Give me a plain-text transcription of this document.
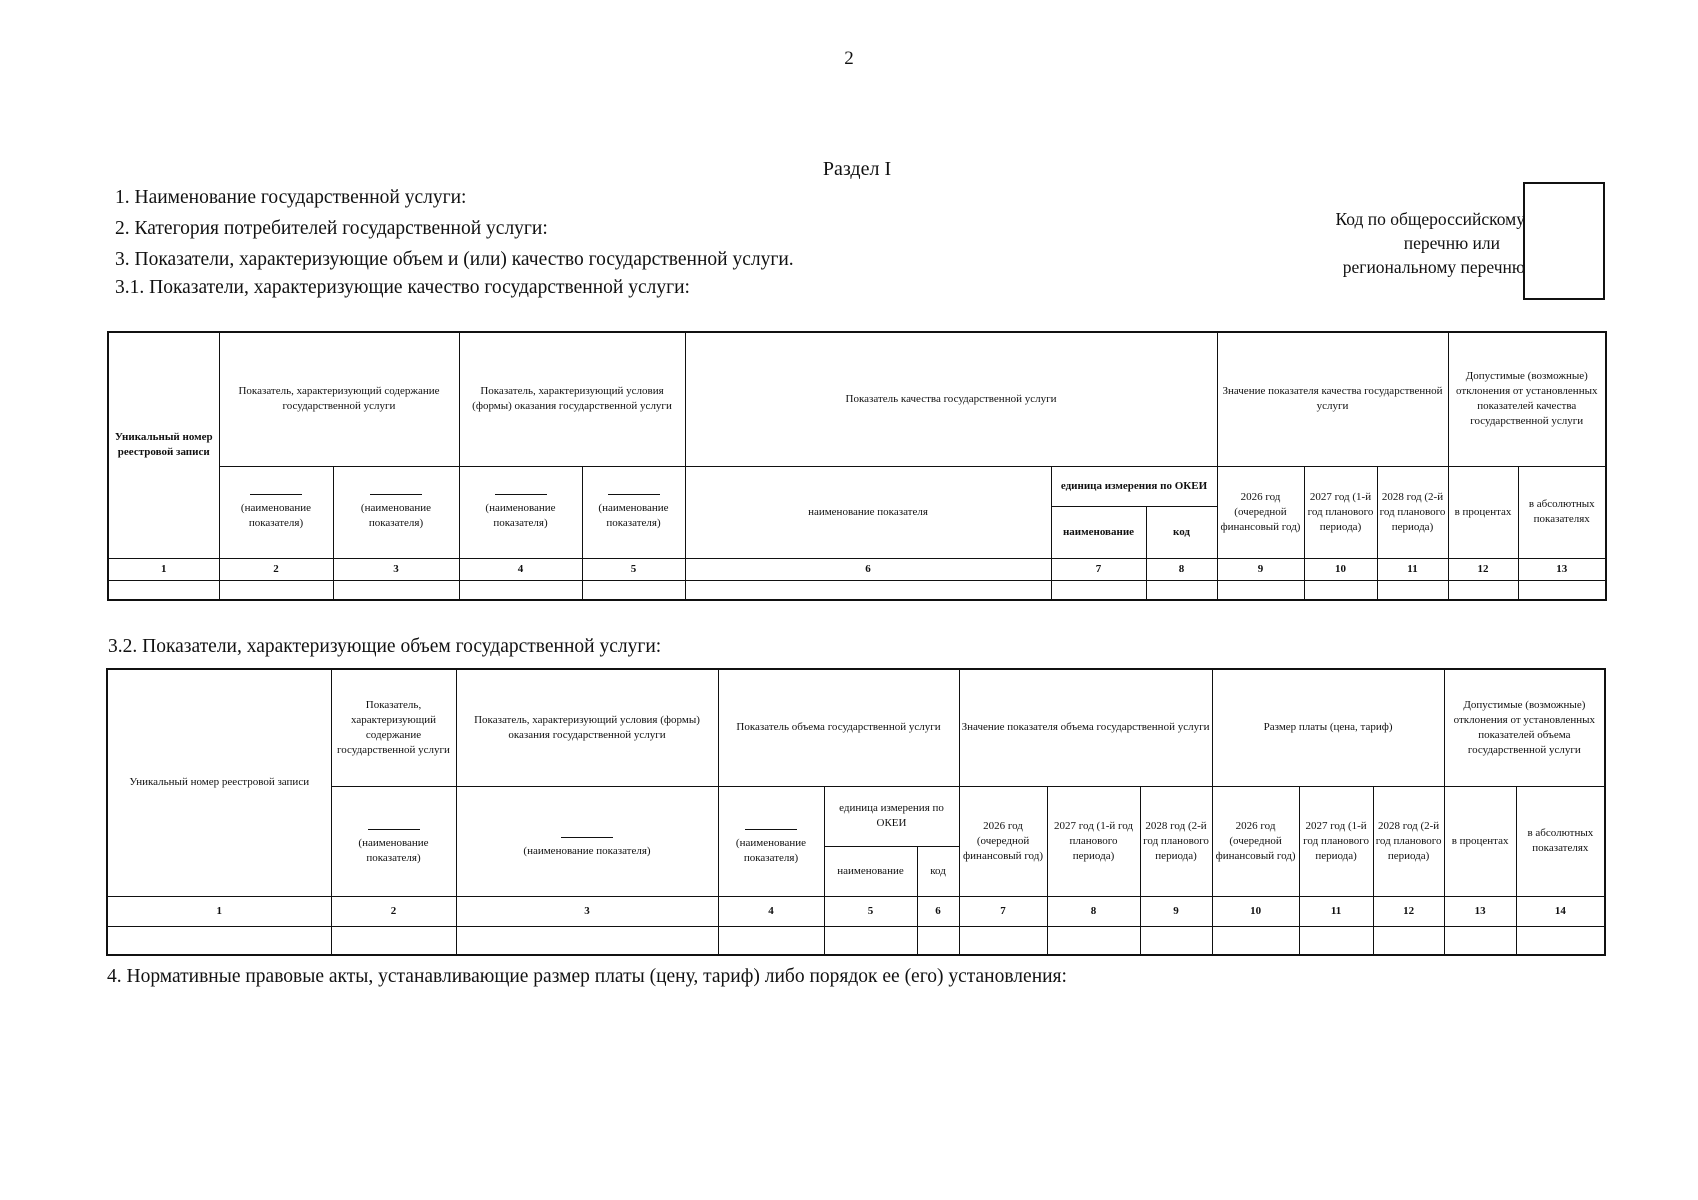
2
Раздел I
1. Наименование государственной услуги:
2. Категория потребителей государственной услуги:
3. Показатели, характеризующие объем и (или) качество государственной услуги.
3.1. Показатели, характеризующие качество государственной услуги:
Код по общероссийскому
перечню или
региональному перечню
Уникальный номер реестровой записи	Показатель, характеризующий содержание государственной услуги		Показатель, характеризующий условия (формы) оказания государственной услуги		Показатель качества государственной услуги			Значение показателя качества государственной услуги			Допустимые (возможные) отклонения от установленных показателей качества государственной услуги	

(наименование показателя)	(наименование показателя)	(наименование показателя)	(наименование показателя)	наименование показателя	единица измерения по ОКЕИ		2026 год (очередной финансовый год)	2027 год (1-й год планового периода)	2028 год (2-й год планового периода)	в процентах	в абсолютных показателях
						наименование	код					
1	2	3	4	5	6	7	8	9	10	11	12	13

3.2. Показатели, характеризующие объем государственной услуги:
Уникальный номер реестровой записи	Показатель, характеризующий содержание государственной услуги	Показатель, характеризующий условия (формы) оказания государственной услуги	Показатель объема государственной услуги			Значение показателя объема государственной услуги			Размер платы (цена, тариф)			Допустимые (возможные) отклонения от установленных показателей объема государственной услуги	

(наименование показателя)	(наименование показателя)	(наименование показателя)	единица измерения по ОКЕИ		2026 год (очередной финансовый год)	2027 год (1-й год планового периода)	2028 год (2-й год планового периода)	2026 год (очередной финансовый год)	2027 год (1-й год планового периода)	2028 год (2-й год планового периода)	в процентах	в абсолютных показателях
				наименование	код								
1	2	3	4	5	6	7	8	9	10	11	12	13	14

4. Нормативные правовые акты, устанавливающие размер платы (цену, тариф) либо порядок ее (его) установления:
